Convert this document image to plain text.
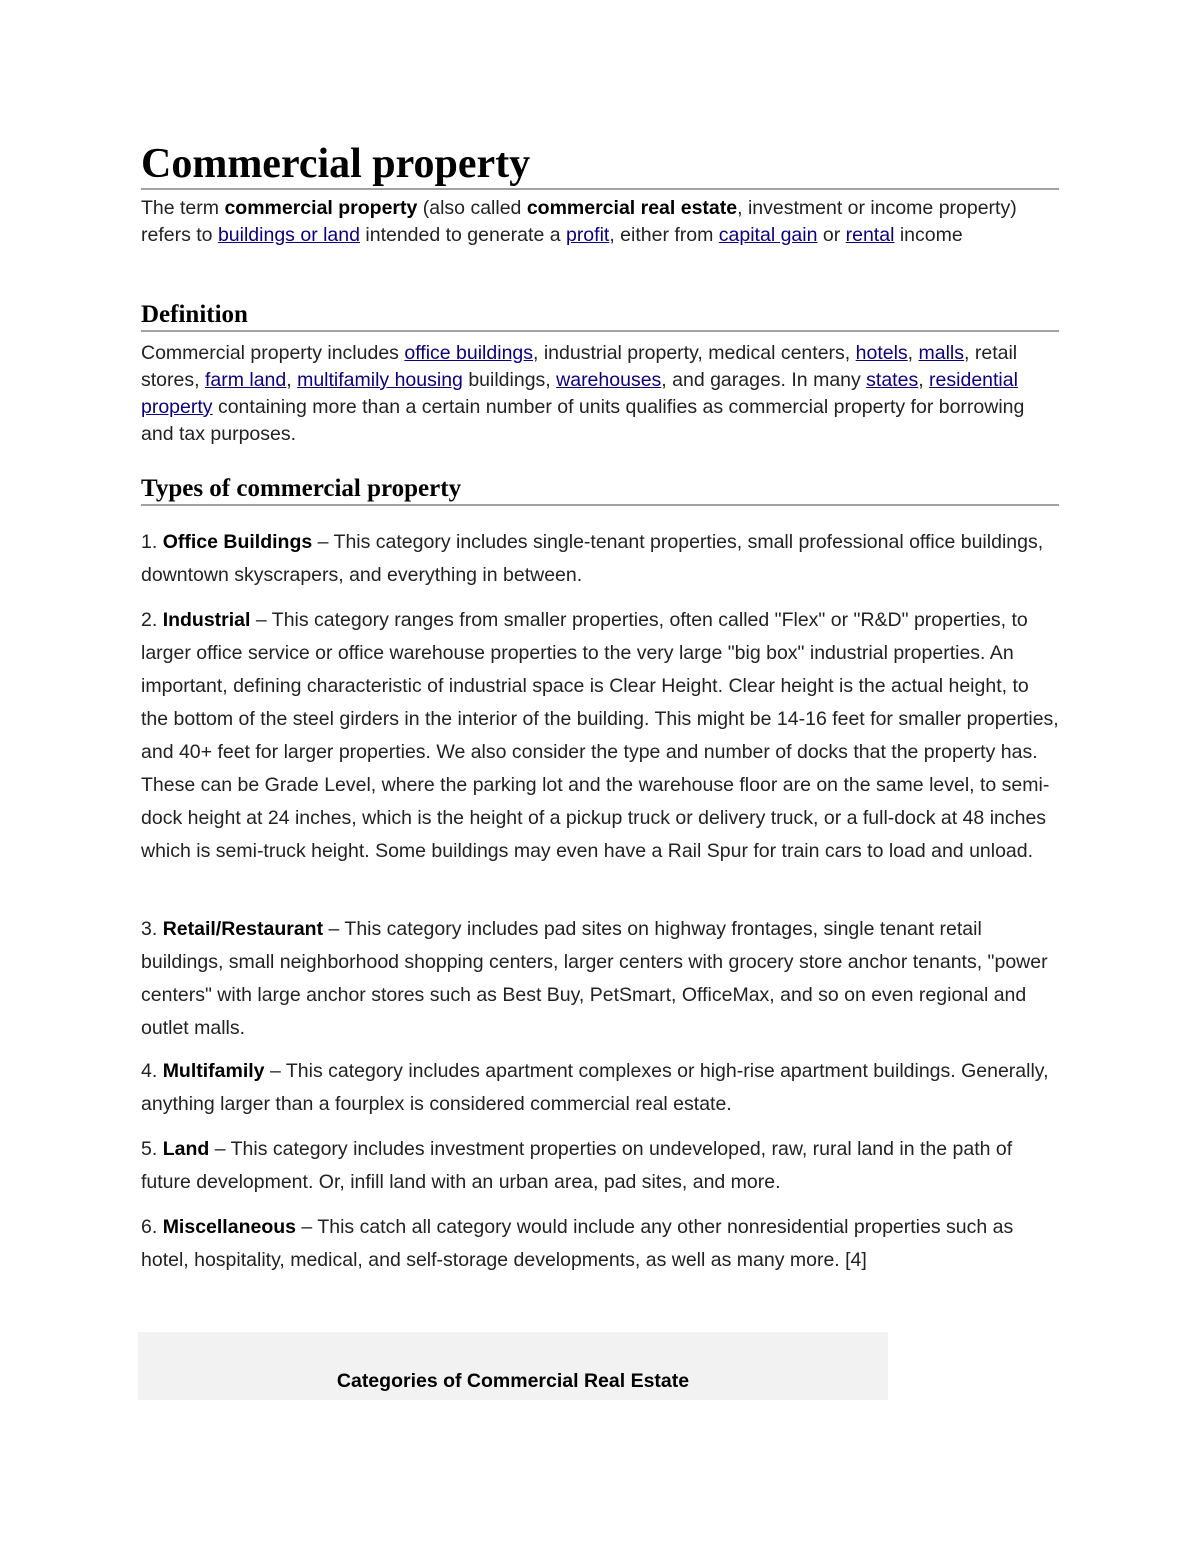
Commercial property

The term commercial property (also called commercial real estate, investment or income property) refers to buildings or land intended to generate a profit, either from capital gain or rental income

Definition

Commercial property includes office buildings, industrial property, medical centers, hotels, malls, retail stores, farm land, multifamily housing buildings, warehouses, and garages. In many states, residential property containing more than a certain number of units qualifies as commercial property for borrowing and tax purposes.

Types of commercial property

1. Office Buildings – This category includes single-tenant properties, small professional office buildings, downtown skyscrapers, and everything in between.

2. Industrial – This category ranges from smaller properties, often called "Flex" or "R&D" properties, to larger office service or office warehouse properties to the very large "big box" industrial properties. An important, defining characteristic of industrial space is Clear Height. Clear height is the actual height, to the bottom of the steel girders in the interior of the building. This might be 14-16 feet for smaller properties, and 40+ feet for larger properties. We also consider the type and number of docks that the property has. These can be Grade Level, where the parking lot and the warehouse floor are on the same level, to semi-dock height at 24 inches, which is the height of a pickup truck or delivery truck, or a full-dock at 48 inches which is semi-truck height. Some buildings may even have a Rail Spur for train cars to load and unload.

3. Retail/Restaurant – This category includes pad sites on highway frontages, single tenant retail buildings, small neighborhood shopping centers, larger centers with grocery store anchor tenants, "power centers" with large anchor stores such as Best Buy, PetSmart, OfficeMax, and so on even regional and outlet malls.

4. Multifamily – This category includes apartment complexes or high-rise apartment buildings. Generally, anything larger than a fourplex is considered commercial real estate.

5. Land – This category includes investment properties on undeveloped, raw, rural land in the path of future development. Or, infill land with an urban area, pad sites, and more.

6. Miscellaneous – This catch all category would include any other nonresidential properties such as hotel, hospitality, medical, and self-storage developments, as well as many more. [4]

Categories of Commercial Real Estate
